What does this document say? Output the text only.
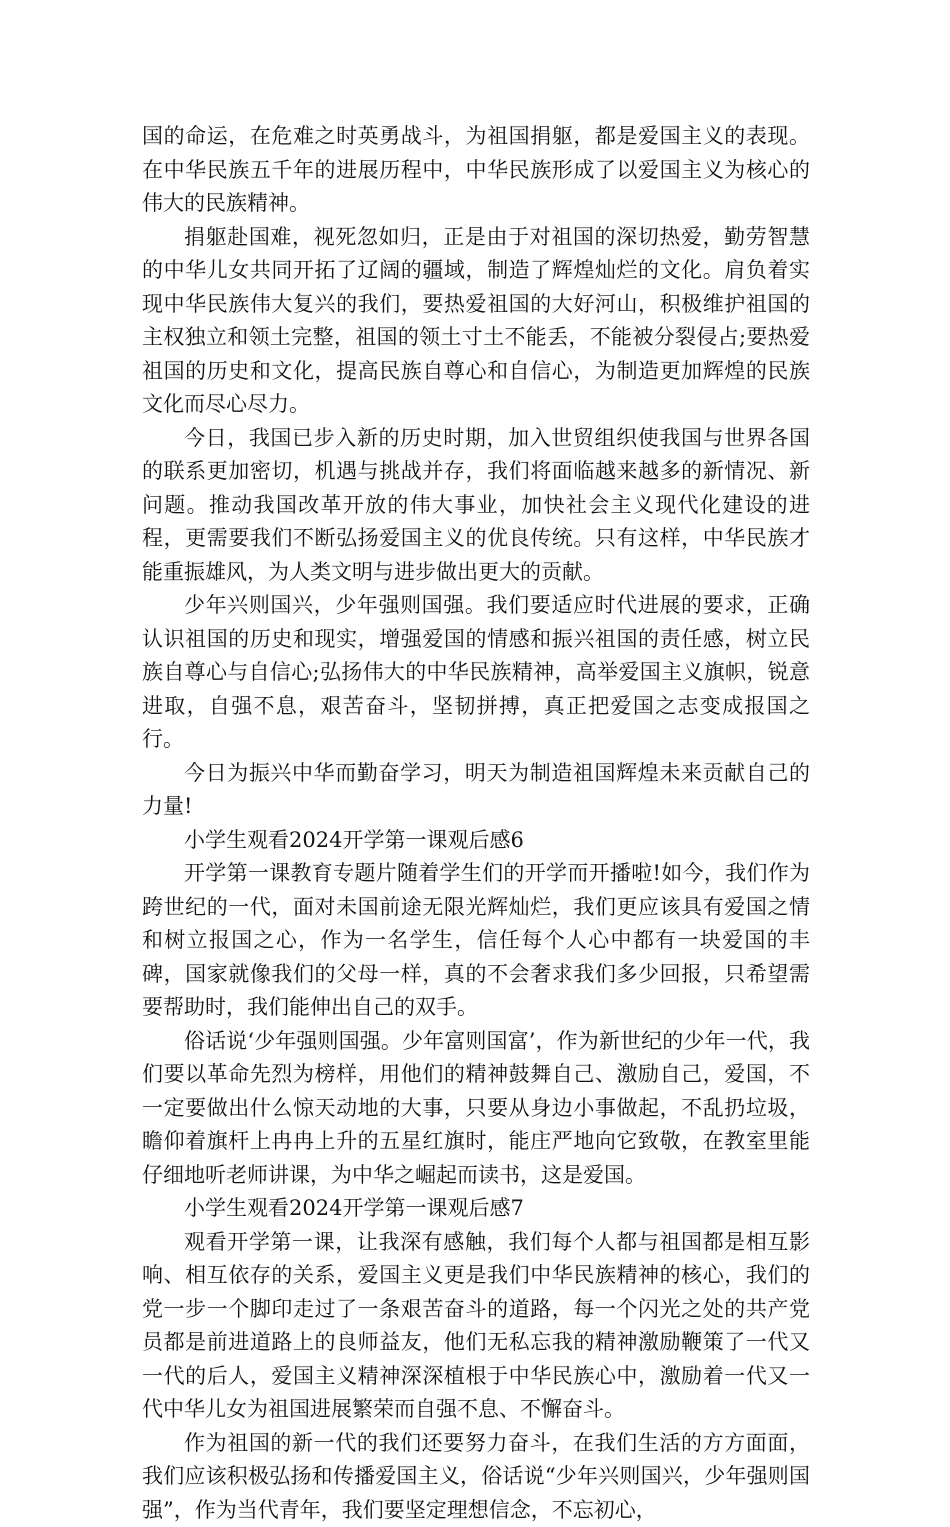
国的命运，在危难之时英勇战斗，为祖国捐躯，都是爱国主义的表现。在中华民族五千年的进展历程中，中华民族形成了以爱国主义为核心的伟大的民族精神。

捐躯赴国难，视死忽如归，正是由于对祖国的深切热爱，勤劳智慧的中华儿女共同开拓了辽阔的疆域，制造了辉煌灿烂的文化。肩负着实现中华民族伟大复兴的我们，要热爱祖国的大好河山，积极维护祖国的主权独立和领土完整，祖国的领土寸土不能丢，不能被分裂侵占;要热爱祖国的历史和文化，提高民族自尊心和自信心，为制造更加辉煌的民族文化而尽心尽力。

今日，我国已步入新的历史时期，加入世贸组织使我国与世界各国的联系更加密切，机遇与挑战并存，我们将面临越来越多的新情况、新问题。推动我国改革开放的伟大事业，加快社会主义现代化建设的进程，更需要我们不断弘扬爱国主义的优良传统。只有这样，中华民族才能重振雄风，为人类文明与进步做出更大的贡献。

少年兴则国兴，少年强则国强。我们要适应时代进展的要求，正确认识祖国的历史和现实，增强爱国的情感和振兴祖国的责任感，树立民族自尊心与自信心;弘扬伟大的中华民族精神，高举爱国主义旗帜，锐意进取，自强不息，艰苦奋斗，坚韧拼搏，真正把爱国之志变成报国之行。

今日为振兴中华而勤奋学习，明天为制造祖国辉煌未来贡献自己的力量!

小学生观看2024开学第一课观后感6

开学第一课教育专题片随着学生们的开学而开播啦!如今，我们作为跨世纪的一代，面对未国前途无限光辉灿烂，我们更应该具有爱国之情和树立报国之心，作为一名学生，信任每个人心中都有一块爱国的丰碑，国家就像我们的父母一样，真的不会奢求我们多少回报，只希望需要帮助时，我们能伸出自己的双手。

俗话说‘少年强则国强。少年富则国富’，作为新世纪的少年一代，我们要以革命先烈为榜样，用他们的精神鼓舞自己、激励自己，爱国，不一定要做出什么惊天动地的大事，只要从身边小事做起，不乱扔垃圾，瞻仰着旗杆上冉冉上升的五星红旗时，能庄严地向它致敬，在教室里能仔细地听老师讲课，为中华之崛起而读书，这是爱国。

小学生观看2024开学第一课观后感7

观看开学第一课，让我深有感触，我们每个人都与祖国都是相互影响、相互依存的关系，爱国主义更是我们中华民族精神的核心，我们的党一步一个脚印走过了一条艰苦奋斗的道路，每一个闪光之处的共产党员都是前进道路上的良师益友，他们无私忘我的精神激励鞭策了一代又一代的后人，爱国主义精神深深植根于中华民族心中，激励着一代又一代中华儿女为祖国进展繁荣而自强不息、不懈奋斗。

作为祖国的新一代的我们还要努力奋斗，在我们生活的方方面面，我们应该积极弘扬和传播爱国主义，俗话说“少年兴则国兴，少年强则国强”，作为当代青年，我们要坚定理想信念，不忘初心，
